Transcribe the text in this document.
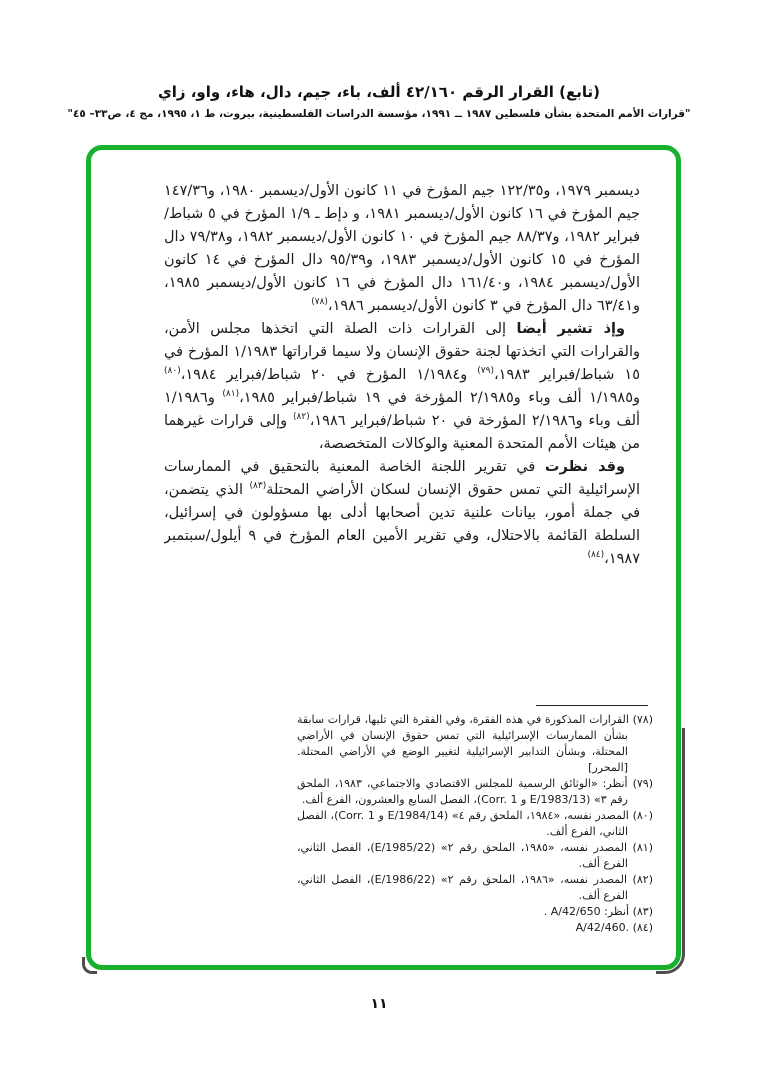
(تابع) القرار الرقم ٤٢/١٦٠ ألف، باء، جيم، دال، هاء، واو، زاي
"قرارات الأمم المتحدة بشأن فلسطين ١٩٨٧ ــ ١٩٩١، مؤسسة الدراسات الفلسطينية، بيروت، ط ١، ١٩٩٥، مج ٤، ص٣٣– ٤٥"

ديسمبر ١٩٧٩، و١٢٢/٣٥ جيم المؤرخ في ١١ كانون الأول/ديسمبر ١٩٨٠، و١٤٧/٣٦ جيم المؤرخ في ١٦ كانون الأول/ديسمبر ١٩٨١، و دإط ـ ١/٩ المؤرخ في ٥ شباط/فبراير ١٩٨٢، و٨٨/٣٧ جيم المؤرخ في ١٠ كانون الأول/ديسمبر ١٩٨٢، و٧٩/٣٨ دال المؤرخ في ١٥ كانون الأول/ديسمبر ١٩٨٣، و٩٥/٣٩ دال المؤرخ في ١٤ كانون الأول/ديسمبر ١٩٨٤، و١٦١/٤٠ دال المؤرخ في ١٦ كانون الأول/ديسمبر ١٩٨٥، و٦٣/٤١ دال المؤرخ في ٣ كانون الأول/ديسمبر ١٩٨٦،$^{(٧٨)}$

وإذ تشير أيضا إلى القرارات ذات الصلة التي اتخذها مجلس الأمن، والقرارات التي اتخذتها لجنة حقوق الإنسان ولا سيما قراراتها ١/١٩٨٣ المؤرخ في ١٥ شباط/فبراير ١٩٨٣،$^{(٧٩)}$ و١/١٩٨٤ المؤرخ في ٢٠ شباط/فبراير ١٩٨٤،$^{(٨٠)}$ و١/١٩٨٥ ألف وباء و٢/١٩٨٥ المؤرخة في ١٩ شباط/فبراير ١٩٨٥،$^{(٨١)}$ و١/١٩٨٦ ألف وباء و٢/١٩٨٦ المؤرخة في ٢٠ شباط/فبراير ١٩٨٦،$^{(٨٢)}$ وإلى قرارات غيرهما من هيئات الأمم المتحدة المعنية والوكالات المتخصصة،

وقد نظرت في تقرير اللجنة الخاصة المعنية بالتحقيق في الممارسات الإسرائيلية التي تمس حقوق الإنسان لسكان الأراضي المحتلة$^{(٨٣)}$ الذي يتضمن، في جملة أمور، بيانات علنية تدين أصحابها أدلى بها مسؤولون في إسرائيل، السلطة القائمة بالاحتلال، وفي تقرير الأمين العام المؤرخ في ٩ أيلول/سبتمبر ١٩٨٧،$^{(٨٤)}$

(٧٨) القرارات المذكورة في هذه الفقرة، وفي الفقرة التي تليها، قرارات سابقة بشأن الممارسات الإسرائيلية التي تمس حقوق الإنسان في الأراضي المحتلة، وبشأن التدابير الإسرائيلية لتغيير الوضع في الأراضي المحتلة. [المحرر]

(٧٩) أنظر: «الوثائق الرسمية للمجلس الاقتصادي والاجتماعي، ١٩٨٣، الملحق رقم ٣» (E/1983/13 و Corr. 1)، الفصل السابع والعشرون، الفرع ألف.

(٨٠) المصدر نفسه، «١٩٨٤، الملحق رقم ٤» (E/1984/14 و Corr. 1)، الفصل الثاني، الفرع ألف.

(٨١) المصدر نفسه، «١٩٨٥، الملحق رقم ٢» (E/1985/22)، الفصل الثاني، الفرع ألف.

(٨٢) المصدر نفسه، «١٩٨٦، الملحق رقم ٢» (E/1986/22)، الفصل الثاني، الفرع ألف.

(٨٣) أنظر: A/42/650 .

(٨٤) A/42/460.‎

١١
